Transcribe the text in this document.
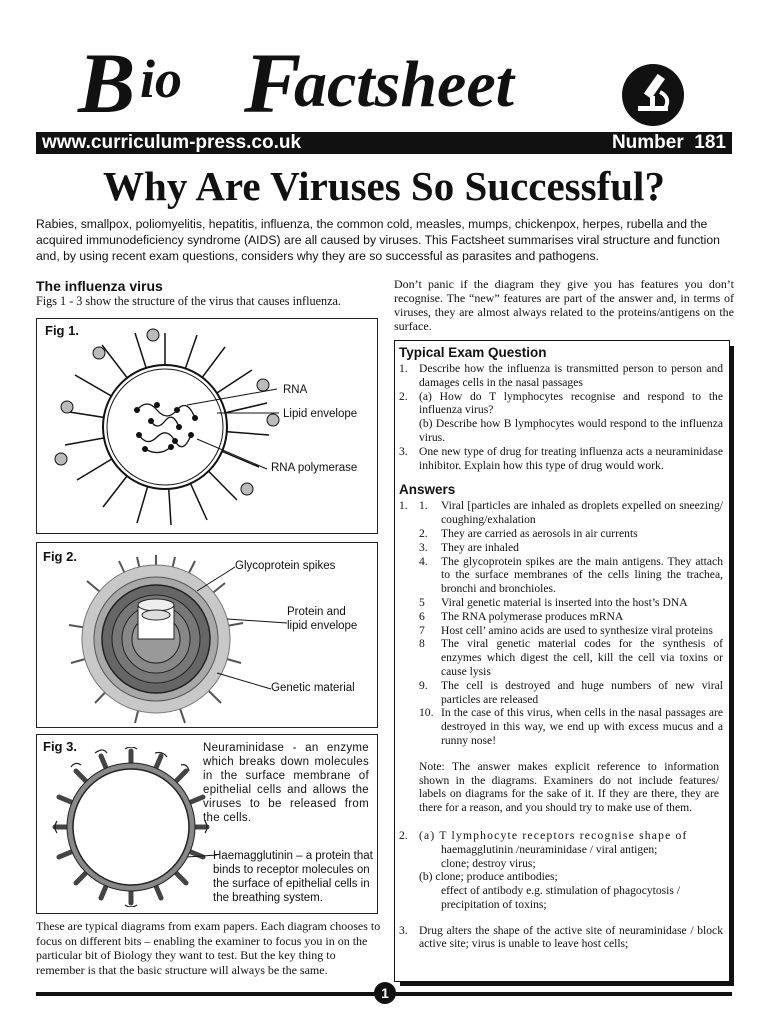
B io F
actsheet
www.curriculum-press.co.uk	Number 181
Why Are Viruses So Successful?
Rabies, smallpox, poliomyelitis, hepatitis, influenza, the common cold, measles, mumps, chickenpox, herpes, rubella and the acquired immunodeficiency syndrome (AIDS) are all caused by viruses. This Factsheet summarises viral structure and function and, by using recent exam questions, considers why they are so successful as parasites and pathogens.
The influenza virus
Figs 1 - 3 show the structure of the virus that causes influenza.
Fig 1.
RNA
Lipid envelope
RNA polymerase
Fig 2.
Glycoprotein spikes
Protein and
lipid envelope
Genetic material
Fig 3.	Neuraminidase - an enzyme which breaks down molecules in the surface membrane of epithelial cells and allows the viruses to be released from the cells.
Haemagglutinin – a protein that binds to receptor molecules on the surface of epithelial cells in the breathing system.
These are typical diagrams from exam papers. Each diagram chooses to focus on different bits – enabling the examiner to focus you in on the particular bit of Biology they want to test. But the key thing to remember is that the basic structure will always be the same.
Don’t panic if the diagram they give you has features you don’t recognise. The “new” features are part of the answer and, in terms of viruses, they are almost always related to the proteins/antigens on the surface.
Typical Exam Question
1. Describe how the influenza is transmitted person to person and damages cells in the nasal passages
2. (a) How do T lymphocytes recognise and respond to the influenza virus?
(b) Describe how B lymphocytes would respond to the influenza virus.
3. One new type of drug for treating influenza acts a neuraminidase inhibitor. Explain how this type of drug would work.
Answers
1. 1.	Viral [particles are inhaled as droplets expelled on sneezing/ coughing/exhalation
2.	They are carried as aerosols in air currents
3.	They are inhaled
4.	The glycoprotein spikes are the main antigens. They attach to the surface membranes of the cells lining the trachea, bronchi and bronchioles.
5	Viral genetic material is inserted into the host’s DNA
6	The RNA polymerase produces mRNA
7	Host cell’ amino acids are used to synthesize viral proteins
8	The viral genetic material codes for the synthesis of enzymes which digest the cell, kill the cell via toxins or cause lysis
9.	The cell is destroyed and huge numbers of new viral particles are released
10. In the case of this virus, when cells in the nasal passages are destroyed in this way, we end up with excess mucus and a runny nose!
Note: The answer makes explicit reference to information shown in the diagrams. Examiners do not include features/ labels on diagrams for the sake of it. If they are there, they are there for a reason, and you should try to make use of them.
2. (a) T lymphocyte receptors recognise shape of
haemagglutinin /neuraminidase / viral antigen;
clone; destroy virus;
(b) clone; produce antibodies;
effect of antibody e.g. stimulation of phagocytosis /
precipitation of toxins;
3. Drug alters the shape of the active site of neuraminidase / block active site; virus is unable to leave host cells;
1
